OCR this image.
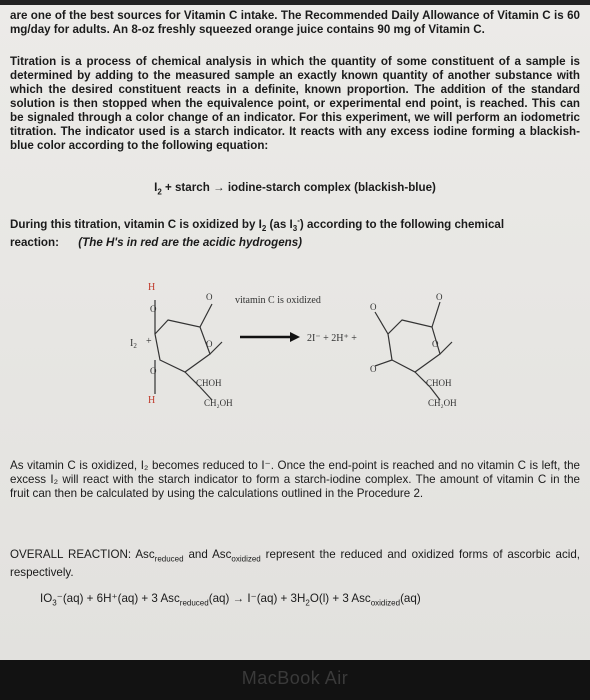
are one of the best sources for Vitamin C intake. The Recommended Daily Allowance of Vitamin C is 60 mg/day for adults. An 8-oz freshly squeezed orange juice contains 90 mg of Vitamin C.
Titration is a process of chemical analysis in which the quantity of some constituent of a sample is determined by adding to the measured sample an exactly known quantity of another substance with which the desired constituent reacts in a definite, known proportion. The addition of the standard solution is then stopped when the equivalence point, or experimental end point, is reached. This can be signaled through a color change of an indicator. For this experiment, we will perform an iodometric titration. The indicator used is a starch indicator. It reacts with any excess iodine forming a blackish-blue color according to the following equation:
$I_2$ + starch → iodine-starch complex (blackish-blue)
During this titration, vitamin C is oxidized by $I_2$ (as $I_3^-$) according to the following chemical
reaction: (The H's in red are the acidic hydrogens)
vitamin C is oxidized
H
H
$I_2$ +
O
O
O
O
2I⁻ + 2H⁺ +
O
O
O
O
CHOH
CH₂OH
CHOH
CH₂OH
As vitamin C is oxidized, I₂ becomes reduced to I⁻. Once the end-point is reached and no vitamin C is left, the excess I₂ will react with the starch indicator to form a starch-iodine complex. The amount of vitamin C in the fruit can then be calculated by using the calculations outlined in the Procedure 2.
OVERALL REACTION: Asc$_{reduced}$ and Asc$_{oxidized}$ represent the reduced and oxidized forms of ascorbic acid, respectively.
$IO_3^-(aq) + 6H^+(aq) + 3$ $Asc_{reduced}(aq) \to I^-(aq) + 3H_2O(l) + 3$ Asc$_{oxidized}$(aq)
MacBook Air
